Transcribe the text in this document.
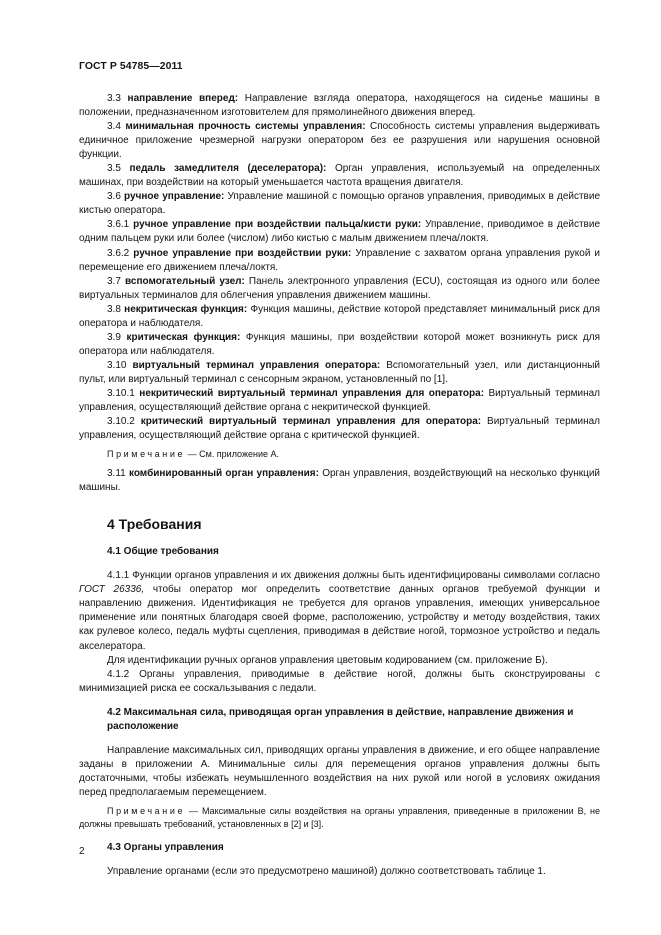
ГОСТ Р 54785—2011

3.3 направление вперед: Направление взгляда оператора, находящегося на сиденье машины в положении, предназначенном изготовителем для прямолинейного движения вперед.

3.4 минимальная прочность системы управления: Способность системы управления выдерживать единичное приложение чрезмерной нагрузки оператором без ее разрушения или нарушения основной функции.

3.5 педаль замедлителя (деселератора): Орган управления, используемый на определенных машинах, при воздействии на который уменьшается частота вращения двигателя.

3.6 ручное управление: Управление машиной с помощью органов управления, приводимых в действие кистью оператора.

3.6.1 ручное управление при воздействии пальца/кисти руки: Управление, приводимое в действие одним пальцем руки или более (числом) либо кистью с малым движением плеча/локтя.

3.6.2 ручное управление при воздействии руки: Управление с захватом органа управления рукой и перемещение его движением плеча/локтя.

3.7 вспомогательный узел: Панель электронного управления (ECU), состоящая из одного или более виртуальных терминалов для облегчения управления движением машины.

3.8 некритическая функция: Функция машины, действие которой представляет минимальный риск для оператора и наблюдателя.

3.9 критическая функция: Функция машины, при воздействии которой может возникнуть риск для оператора или наблюдателя.

3.10 виртуальный терминал управления оператора: Вспомогательный узел, или дистанционный пульт, или виртуальный терминал с сенсорным экраном, установленный по [1].

3.10.1 некритический виртуальный терминал управления для оператора: Виртуальный терминал управления, осуществляющий действие органа с некритической функцией.

3.10.2 критический виртуальный терминал управления для оператора: Виртуальный терминал управления, осуществляющий действие органа с критической функцией.

Примечание — См. приложение А.

3.11 комбинированный орган управления: Орган управления, воздействующий на несколько функций машины.

4 Требования
4.1 Общие требования

4.1.1 Функции органов управления и их движения должны быть идентифицированы символами согласно ГОСТ 26336, чтобы оператор мог определить соответствие данных органов требуемой функции и направлению движения. Идентификация не требуется для органов управления, имеющих универсальное применение или понятных благодаря своей форме, расположению, устройству и методу воздействия, таких как рулевое колесо, педаль муфты сцепления, приводимая в действие ногой, тормозное устройство и педаль акселератора.

Для идентификации ручных органов управления цветовым кодированием (см. приложение Б).

4.1.2 Органы управления, приводимые в действие ногой, должны быть сконструированы с минимизацией риска ее соскальзывания с педали.

4.2 Максимальная сила, приводящая орган управления в действие, направление движения и расположение

Направление максимальных сил, приводящих органы управления в движение, и его общее направление заданы в приложении А. Минимальные силы для перемещения органов управления должны быть достаточными, чтобы избежать неумышленного воздействия на них рукой или ногой в условиях ожидания перед предполагаемым перемещением.

Примечание — Максимальные силы воздействия на органы управления, приведенные в приложении В, не должны превышать требований, установленных в [2] и [3].

4.3 Органы управления

Управление органами (если это предусмотрено машиной) должно соответствовать таблице 1.

2
